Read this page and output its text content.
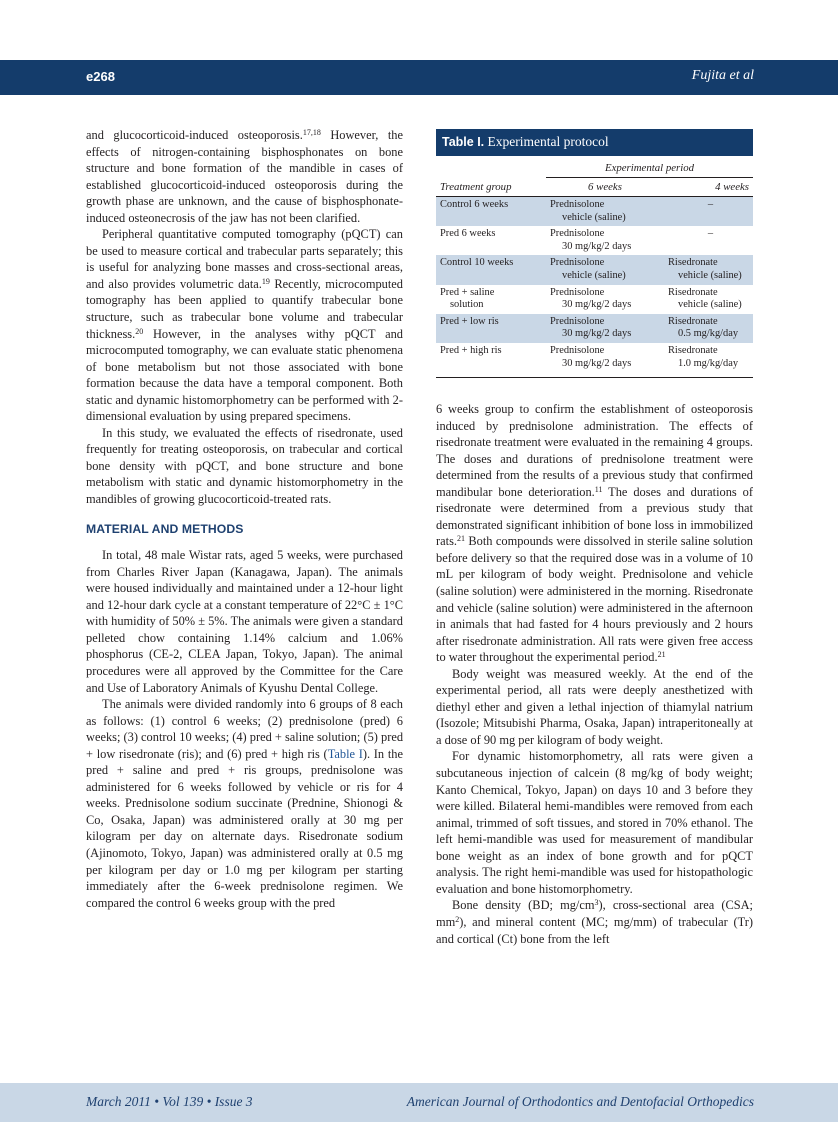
e268	Fujita et al

and glucocorticoid-induced osteoporosis.$^{17,18}$ However, the effects of nitrogen-containing bisphosphonates on bone structure and bone formation of the mandible in cases of established glucocorticoid-induced osteoporosis during the growth phase are unknown, and the cause of bisphosphonate-induced osteonecrosis of the jaw has not been clarified.

Peripheral quantitative computed tomography (pQCT) can be used to measure cortical and trabecular parts separately; this is useful for analyzing bone masses and cross-sectional areas, and also provides volumetric data.$^{19}$ Recently, microcomputed tomography has been applied to quantify trabecular bone structure, such as trabecular bone volume and trabecular thickness.$^{20}$ However, in the analyses withy pQCT and microcomputed tomography, we can evaluate static phenomena of bone metabolism but not those associated with bone formation because the data have a temporal component. Both static and dynamic histomorphometry can be performed with 2-dimensional evaluation by using prepared specimens.

In this study, we evaluated the effects of risedronate, used frequently for treating osteoporosis, on trabecular and cortical bone density with pQCT, and bone structure and bone metabolism with static and dynamic histomorphometry in the mandibles of growing glucocorticoid-treated rats.

MATERIAL AND METHODS

In total, 48 male Wistar rats, aged 5 weeks, were purchased from Charles River Japan (Kanagawa, Japan). The animals were housed individually and maintained under a 12-hour light and 12-hour dark cycle at a constant temperature of 22°C ± 1°C with humidity of 50% ± 5%. The animals were given a standard pelleted chow containing 1.14% calcium and 1.06% phosphorus (CE-2, CLEA Japan, Tokyo, Japan). The animal procedures were all approved by the Committee for the Care and Use of Laboratory Animals of Kyushu Dental College.

The animals were divided randomly into 6 groups of 8 each as follows: (1) control 6 weeks; (2) prednisolone (pred) 6 weeks; (3) control 10 weeks; (4) pred + saline solution; (5) pred + low risedronate (ris); and (6) pred + high ris (Table I). In the pred + saline and pred + ris groups, prednisolone was administered for 6 weeks followed by vehicle or ris for 4 weeks. Prednisolone sodium succinate (Prednine, Shionogi & Co, Osaka, Japan) was administered orally at 30 mg per kilogram per day on alternate days. Risedronate sodium (Ajinomoto, Tokyo, Japan) was administered orally at 0.5 mg per kilogram per day or 1.0 mg per kilogram per starting immediately after the 6-week prednisolone regimen. We compared the control 6 weeks group with the pred

Table I. Experimental protocol
	Experimental period	
Treatment group	6 weeks	4 weeks

Control 6 weeks	Prednisolone
vehicle (saline)	–

Pred 6 weeks	Prednisolone
30 mg/kg/2 days	–

Control 10 weeks	Prednisolone
vehicle (saline)	Risedronate
vehicle (saline)

Pred + saline
solution	Prednisolone
30 mg/kg/2 days	Risedronate
vehicle (saline)

Pred + low ris	Prednisolone
30 mg/kg/2 days	Risedronate
0.5 mg/kg/day

Pred + high ris	Prednisolone
30 mg/kg/2 days	Risedronate
1.0 mg/kg/day

6 weeks group to confirm the establishment of osteoporosis induced by prednisolone administration. The effects of risedronate treatment were evaluated in the remaining 4 groups. The doses and durations of prednisolone treatment were determined from the results of a previous study that confirmed mandibular bone deterioration.$^{11}$ The doses and durations of risedronate were determined from a previous study that demonstrated significant inhibition of bone loss in immobilized rats.$^{21}$ Both compounds were dissolved in sterile saline solution before delivery so that the required dose was in a volume of 10 mL per kilogram of body weight. Prednisolone and vehicle (saline solution) were administered in the morning. Risedronate and vehicle (saline solution) were administered in the afternoon in animals that had fasted for 4 hours previously and 2 hours after risedronate administration. All rats were given free access to water throughout the experimental period.$^{21}$

Body weight was measured weekly. At the end of the experimental period, all rats were deeply anesthetized with diethyl ether and given a lethal injection of thiamylal natrium (Isozole; Mitsubishi Pharma, Osaka, Japan) intraperitoneally at a dose of 90 mg per kilogram of body weight.

For dynamic histomorphometry, all rats were given a subcutaneous injection of calcein (8 mg/kg of body weight; Kanto Chemical, Tokyo, Japan) on days 10 and 3 before they were killed. Bilateral hemi-mandibles were removed from each animal, trimmed of soft tissues, and stored in 70% ethanol. The left hemi-mandible was used for measurement of mandibular bone weight as an index of bone growth and for pQCT analysis. The right hemi-mandible was used for histopathologic evaluation and bone histomorphometry.

Bone density (BD; $mg/cm^3$), cross-sectional area (CSA; $mm^2$), and mineral content (MC; mg/mm) of trabecular (Tr) and cortical (Ct) bone from the left

March 2011 • Vol 139 • Issue 3	American Journal of Orthodontics and Dentofacial Orthopedics
